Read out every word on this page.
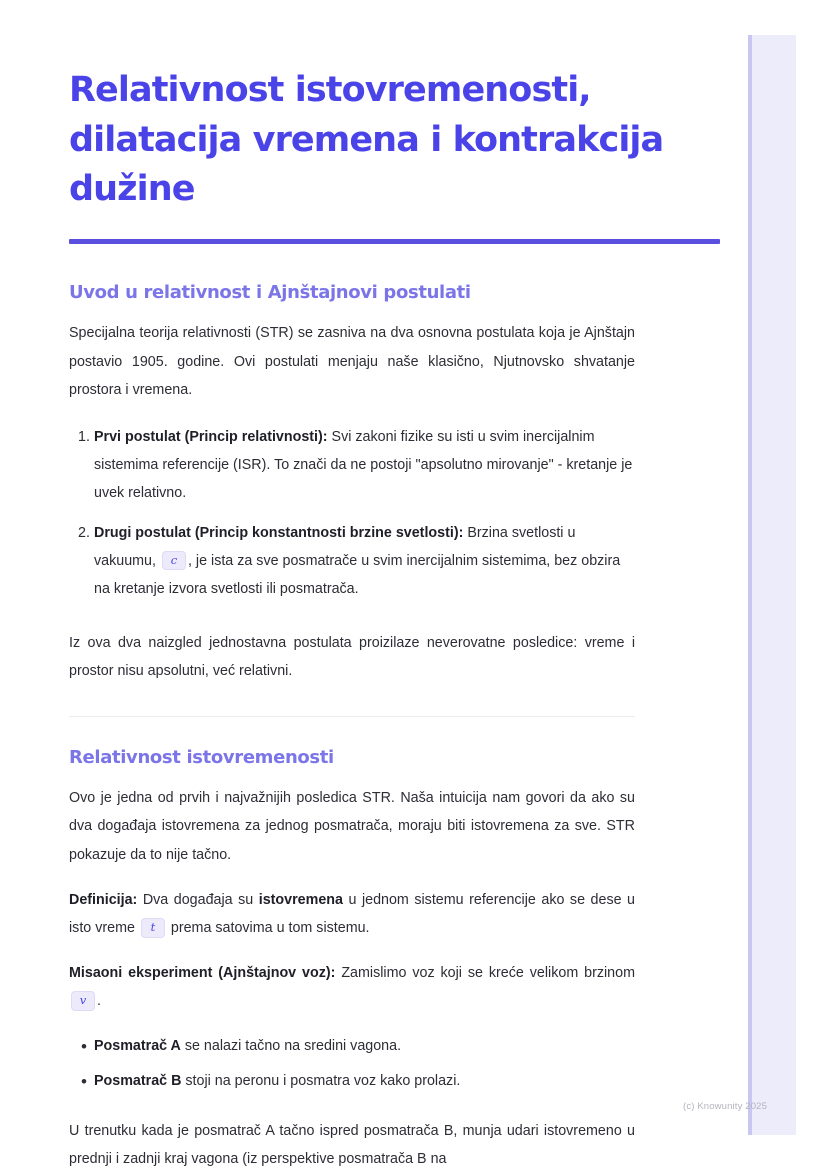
Relativnost istovremenosti, dilatacija vremena i kontrakcija dužine
Uvod u relativnost i Ajnštajnovi postulati

Specijalna teorija relativnosti (STR) se zasniva na dva osnovna postulata koja je Ajnštajn postavio 1905. godine. Ovi postulati menjaju naše klasično, Njutnovsko shvatanje prostora i vremena.

1. Prvi postulat (Princip relativnosti): Svi zakoni fizike su isti u svim inercijalnim sistemima referencije (ISR). To znači da ne postoji "apsolutno mirovanje" - kretanje je uvek relativno.
2. Drugi postulat (Princip konstantnosti brzine svetlosti): Brzina svetlosti u vakuumu, c , je ista za sve posmatrače u svim inercijalnim sistemima, bez obzira na kretanje izvora svetlosti ili posmatrača.

Iz ova dva naizgled jednostavna postulata proizilaze neverovatne posledice: vreme i prostor nisu apsolutni, već relativni.

Relativnost istovremenosti

Ovo je jedna od prvih i najvažnijih posledica STR. Naša intuicija nam govori da ako su dva događaja istovremena za jednog posmatrača, moraju biti istovremena za sve. STR pokazuje da to nije tačno.

Definicija: Dva događaja su istovremena u jednom sistemu referencije ako se dese u isto vreme t prema satovima u tom sistemu.

Misaoni eksperiment (Ajnštajnov voz): Zamislimo voz koji se kreće velikom brzinom v .

• Posmatrač A se nalazi tačno na sredini vagona.
• Posmatrač B stoji na peronu i posmatra voz kako prolazi.

U trenutku kada je posmatrač A tačno ispred posmatrača B, munja udari istovremeno u prednji i zadnji kraj vagona (iz perspektive posmatrača B na

(c) Knowunity 2025
